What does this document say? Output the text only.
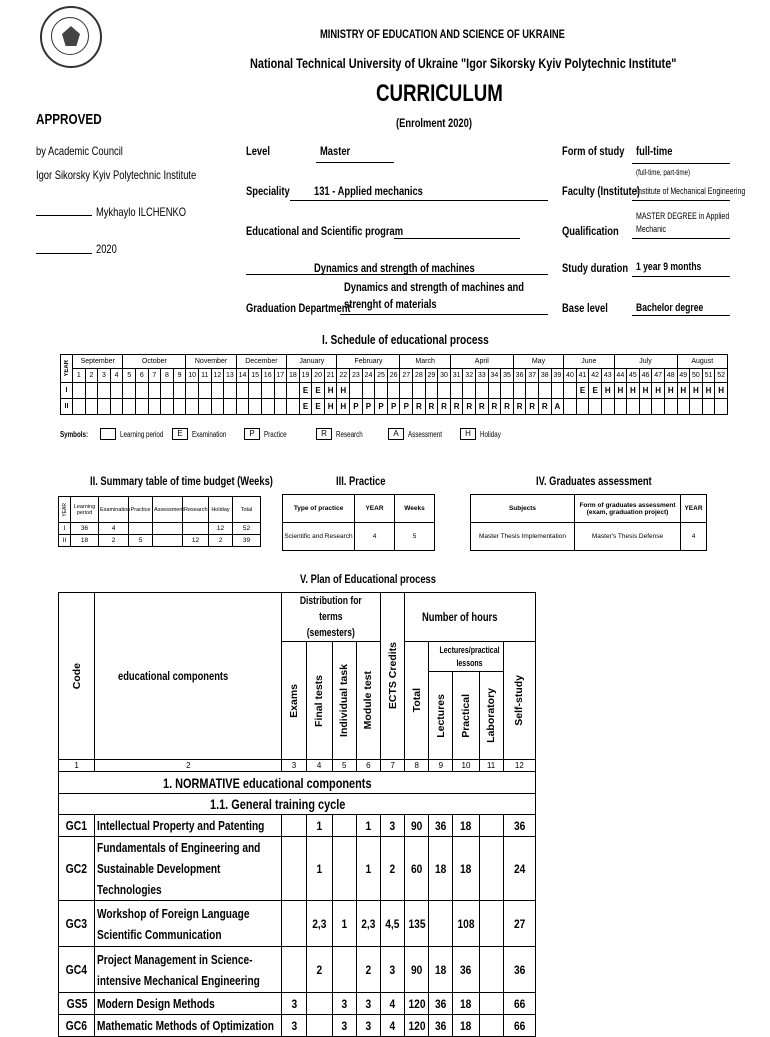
MINISTRY OF EDUCATION AND SCIENCE OF UKRAINE
National Technical University of Ukraine "Igor Sikorsky Kyiv Polytechnic Institute"
CURRICULUM
(Enrolment 2020)
APPROVED
by Academic Council
Igor Sikorsky Kyiv Polytechnic Institute
Mykhaylo ILCHENKO
2020
Level	Master
Speciality 131 - Applied mechanics
Educational and Scientific program
Dynamics and strength of machines
Graduation Department
Dynamics and strength of machines and strenght of materials
Form of study full-time
(full-time, part-time)
Faculty (Institute)
Institute of Mechanical Engineering
Qualification
MASTER DEGREE in Applied Mechanic
Study duration 1 year 9 months
Base level	Bachelor degree
I. Schedule of educational process
YEAR	September				October					November				December				January				February					March				April					May				June				July					August			
	1	2	3	4	5	6	7	8	9	10	11	12	13	14	15	16	17	18	19	20	21	22	23	24	25	26	27	28	29	30	31	32	33	34	35	36	37	38	39	40	41	42	43	44	45	46	47	48	49	50	51	52
I																			E	E	H	H																			E	E	H	H	H	H	H	H	H	H	H	H
II																			E	E	H	H	P	P	P	P	P	R	R	R	R	R	R	R	R	R	R	R	A													
Symbols:	Learning period	E	Examination	P	Practice	R	Research	A	Assessment	H	Holiday
II. Summary table of time budget (Weeks)
YEAR	Learning period	Examination	Practice	Assessment	Research	Holiday	Total
I	36	4				12	52
II	18	2	5		12	2	39
III. Practice
Type of practice	YEAR	Weeks
Scientific and Research	4	5
IV. Graduates assessment
Subjects	Form of graduates assessment (exam, graduation project)	YEAR
Master Thesis Implementation	Master's Thesis Defense	4
V. Plan of Educational process
Code	educational components	Distribution for terms (semesters)				ECTS Credits	Number of hours				

		Exams	Final tests	Individual task	Module test		Total	Lectures/practical lessons			Self-study

								Lectures	Practical	Laboratory	

1	2	3	4	5	6	7	8	9	10	11	12
1. NORMATIVE educational components											
1.1. General training cycle											
GC1	Intellectual Property and Patenting		1		1	3	90	36	18		36
GC2	Fundamentals of Engineering and Sustainable Development Technologies		1		1	2	60	18	18		24
GC3	Workshop of Foreign Language Scientific Communication		2,3	1	2,3	4,5	135		108		27
GC4	Project Management in Science-intensive Mechanical Engineering		2		2	3	90	18	36		36
GS5	Modern Design Methods	3		3	3	4	120	36	18		66
GC6	Mathematic Methods of Optimization	3		3	3	4	120	36	18		66
